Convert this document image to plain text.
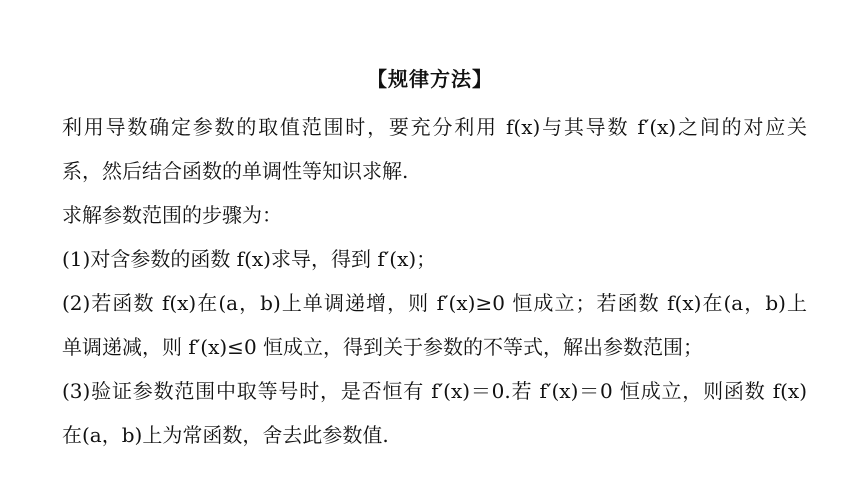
【规律方法】
利用导数确定参数的取值范围时，要充分利用 f(x)与其导数 f′(x)之间的对应关
系，然后结合函数的单调性等知识求解.
求解参数范围的步骤为：
(1)对含参数的函数 f(x)求导，得到 f′(x)；
(2)若函数 f(x)在(a，b)上单调递增，则 f′(x)≥0 恒成立；若函数 f(x)在(a，b)上
单调递减，则 f′(x)≤0 恒成立，得到关于参数的不等式，解出参数范围；
(3)验证参数范围中取等号时，是否恒有 f′(x)＝0.若 f′(x)＝0 恒成立，则函数 f(x)
在(a，b)上为常函数，舍去此参数值.
